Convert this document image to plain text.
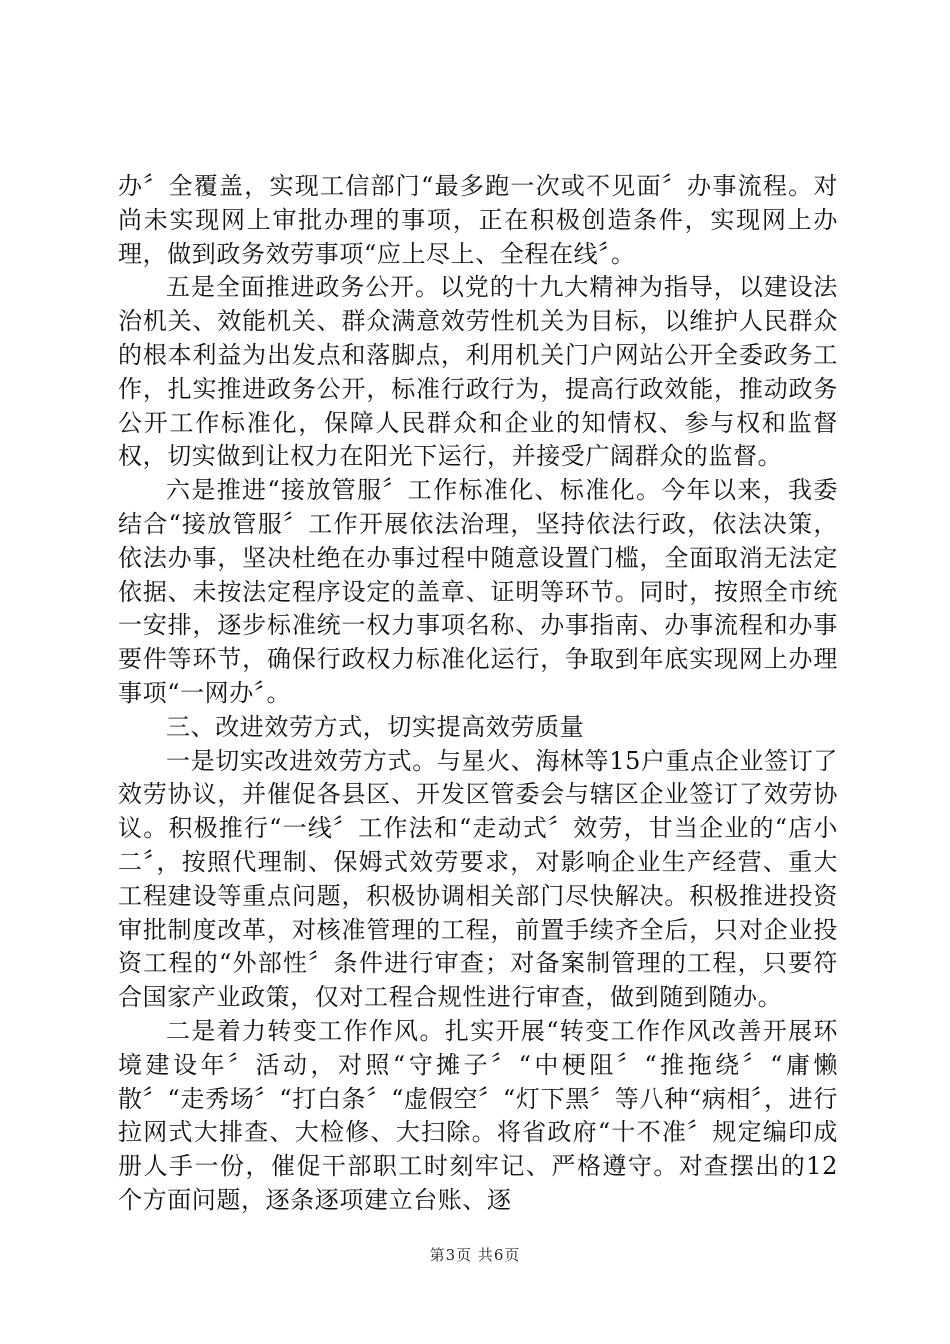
办〞全覆盖，实现工信部门“最多跑一次或不见面〞办事流程。对尚未实现网上审批办理的事项，正在积极创造条件，实现网上办理，做到政务效劳事项“应上尽上、全程在线〞。

五是全面推进政务公开。以党的十九大精神为指导，以建设法治机关、效能机关、群众满意效劳性机关为目标，以维护人民群众的根本利益为出发点和落脚点，利用机关门户网站公开全委政务工作，扎实推进政务公开，标准行政行为，提高行政效能，推动政务公开工作标准化，保障人民群众和企业的知情权、参与权和监督权，切实做到让权力在阳光下运行，并接受广阔群众的监督。

六是推进“接放管服〞工作标准化、标准化。今年以来，我委结合“接放管服〞工作开展依法治理，坚持依法行政，依法决策，依法办事，坚决杜绝在办事过程中随意设置门槛，全面取消无法定依据、未按法定程序设定的盖章、证明等环节。同时，按照全市统一安排，逐步标准统一权力事项名称、办事指南、办事流程和办事要件等环节，确保行政权力标准化运行，争取到年底实现网上办理事项“一网办〞。

三、改进效劳方式，切实提高效劳质量

一是切实改进效劳方式。与星火、海林等15户重点企业签订了效劳协议，并催促各县区、开发区管委会与辖区企业签订了效劳协议。积极推行“一线〞工作法和“走动式〞效劳，甘当企业的“店小二〞，按照代理制、保姆式效劳要求，对影响企业生产经营、重大工程建设等重点问题，积极协调相关部门尽快解决。积极推进投资审批制度改革，对核准管理的工程，前置手续齐全后，只对企业投资工程的“外部性〞条件进行审查；对备案制管理的工程，只要符合国家产业政策，仅对工程合规性进行审查，做到随到随办。

二是着力转变工作作风。扎实开展“转变工作作风改善开展环境建设年〞活动，对照“守摊子〞“中梗阻〞“推拖绕〞“庸懒散〞“走秀场〞“打白条〞“虚假空〞“灯下黑〞等八种“病相〞，进行拉网式大排查、大检修、大扫除。将省政府“十不准〞规定编印成册人手一份，催促干部职工时刻牢记、严格遵守。对查摆出的12个方面问题，逐条逐项建立台账、逐

第3页 共6页
